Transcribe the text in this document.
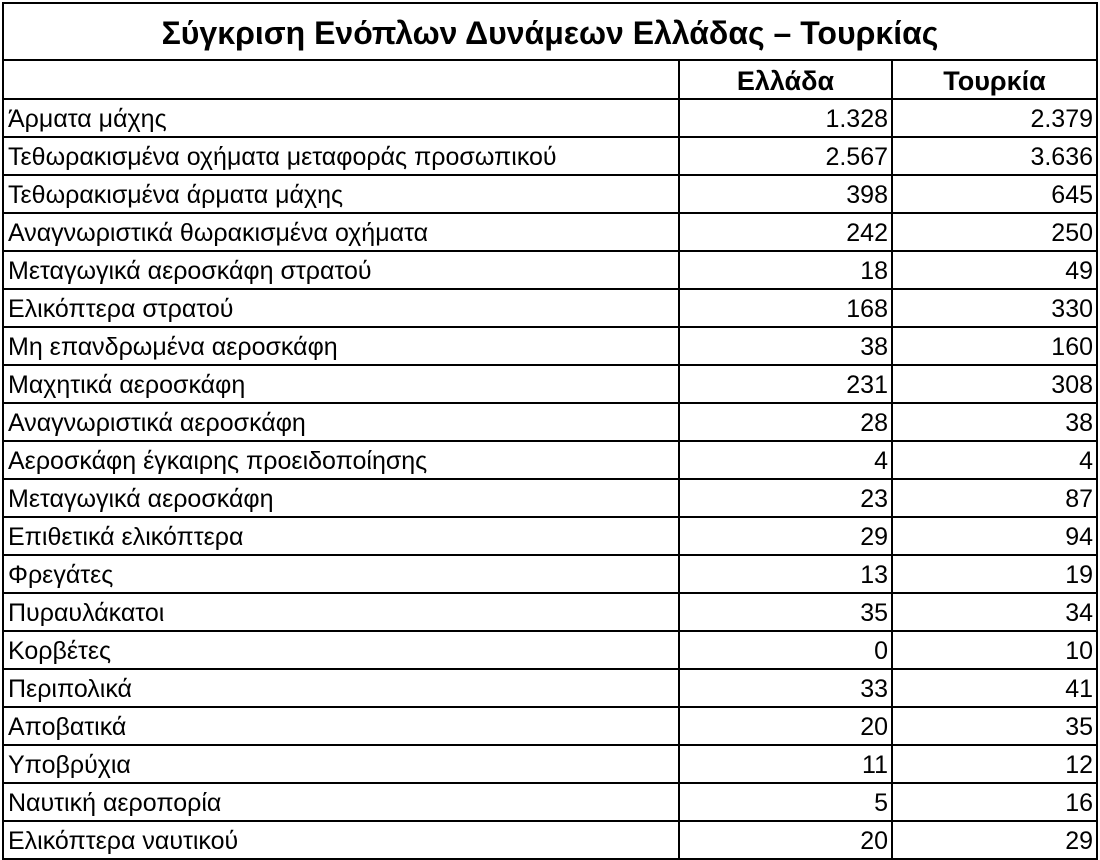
Σύγκριση Ενόπλων Δυνάμεων Ελλάδας – Τουρκίας		
	Ελλάδα	Τουρκία
Άρματα μάχης	1.328	2.379
Τεθωρακισμένα οχήματα μεταφοράς προσωπικού	2.567	3.636
Τεθωρακισμένα άρματα μάχης	398	645
Αναγνωριστικά θωρακισμένα οχήματα	242	250
Μεταγωγικά αεροσκάφη στρατού	18	49
Ελικόπτερα στρατού	168	330
Μη επανδρωμένα αεροσκάφη	38	160
Μαχητικά αεροσκάφη	231	308
Αναγνωριστικά αεροσκάφη	28	38
Αεροσκάφη έγκαιρης προειδοποίησης	4	4
Μεταγωγικά αεροσκάφη	23	87
Επιθετικά ελικόπτερα	29	94
Φρεγάτες	13	19
Πυραυλάκατοι	35	34
Κορβέτες	0	10
Περιπολικά	33	41
Αποβατικά	20	35
Υποβρύχια	11	12
Ναυτική αεροπορία	5	16
Ελικόπτερα ναυτικού	20	29
